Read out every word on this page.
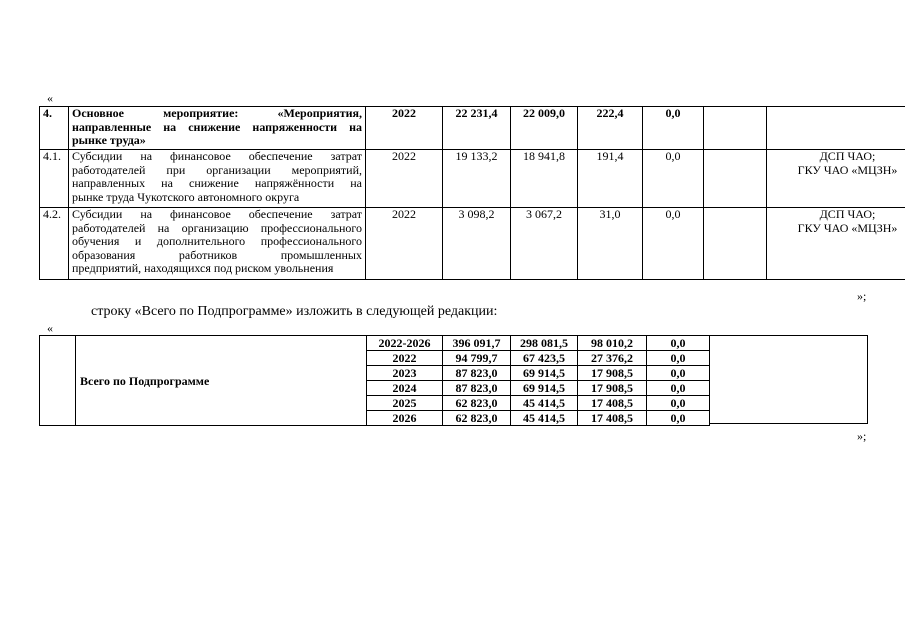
«
4.	Основное мероприятие: «Мероприятия,
направленные на снижение напряженности на
рынке труда»	2022	22 231,4	22 009,0	222,4	0,0		
4.1.	Субсидии на финансовое обеспечение затрат
работодателей при организации мероприятий,
направленных на снижение напряжённости на
рынке труда Чукотского автономного округа	2022	19 133,2	18 941,8	191,4	0,0		ДСП ЧАО;
ГКУ ЧАО «МЦЗН»

4.2.	Субсидии на финансовое обеспечение затрат
работодателей на организацию профессионального
обучения и дополнительного профессионального
образования работников промышленных
предприятий, находящихся под риском увольнения	2022	3 098,2	3 067,2	31,0	0,0		ДСП ЧАО;
ГКУ ЧАО «МЦЗН»
»;
строку «Всего по Подпрограмме» изложить в следующей редакции:
«
	Всего по Подпрограмме	2022-2026	396 091,7	298 081,5	98 010,2	0,0
		2022	94 799,7	67 423,5	27 376,2	0,0
		2023	87 823,0	69 914,5	17 908,5	0,0
		2024	87 823,0	69 914,5	17 908,5	0,0
		2025	62 823,0	45 414,5	17 408,5	0,0
		2026	62 823,0	45 414,5	17 408,5	0,0
»;
